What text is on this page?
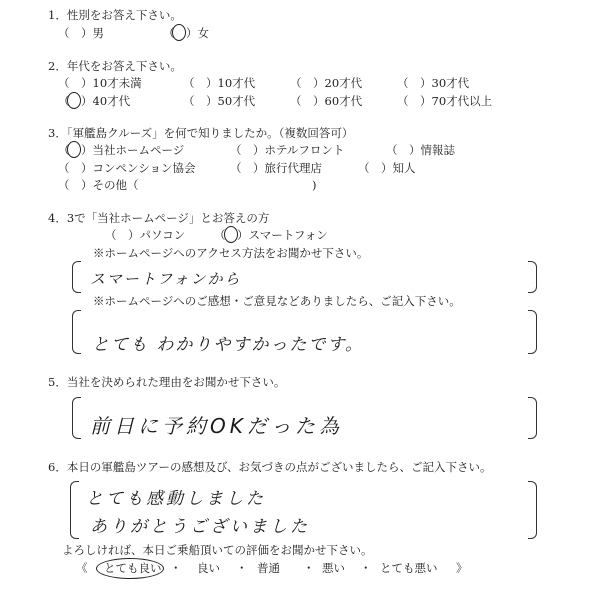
1．性別をお答え下さい。
（　）男	（　）女
2．年代をお答え下さい。
（　）10才未満	（　）10才代	（　）20才代	（　）30才代
（　）40才代	（　）50才代	（　）60才代	（　）70才代以上
3．「軍艦島クルーズ」を何で知りましたか。（複数回答可）
（　）当社ホームページ	（　）ホテルフロント	（　）情報誌
（　）コンペンション協会	（　）旅行代理店	（　）知人
（　）その他（	)
4．3で「当社ホームページ」とお答えの方
（　）パソコン （　）スマートフォン
※ホームページへのアクセス方法をお聞かせ下さい。
スマートフォンから
※ホームページへのご感想・ご意見などありましたら、ご記入下さい。
とても わかりやすかったです。
5．当社を決められた理由をお聞かせ下さい。
前日に予約OKだった為
6．本日の軍艦島ツアーの感想及び、お気づきの点がございましたら、ご記入下さい。
とても感動しました
ありがとうございました
よろしければ、本日ご乗船頂いての評価をお聞かせ下さい。
《 とても良い ・ 良い ・ 普通 ・ 悪い ・ とても悪い 》
